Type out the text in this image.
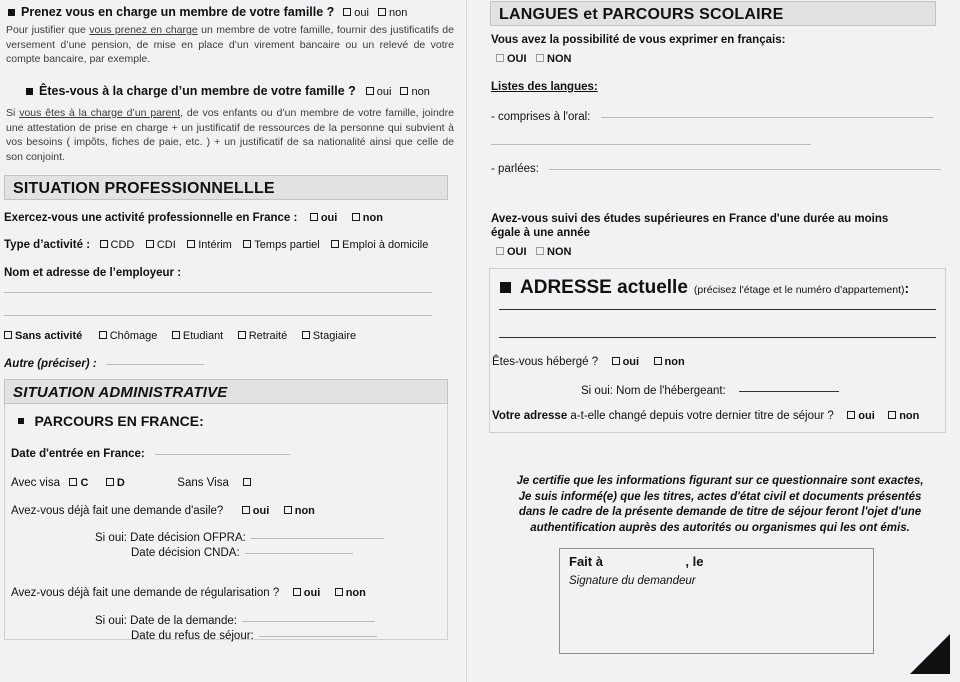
Prenez vous en charge un membre de votre famille ?	oui	non
Pour justifier que vous prenez en charge un membre de votre famille, fournir des justificatifs de versement d’une pension, de mise en place d’un virement bancaire ou un relevé de votre compte bancaire, par exemple.
Êtes-vous à la charge d’un membre de votre famille ?	oui	non
Si vous êtes à la charge d’un parent, de vos enfants ou d’un membre de votre famille, joindre une attestation de prise en charge + un justificatif de ressources de la personne qui subvient à vos besoins ( impôts, fiches de paie, etc. ) + un justificatif de sa nationalité ainsi que celle de son conjoint.
SITUATION PROFESSIONNELLLE
Exercez-vous une activité professionnelle en France : oui non
Type d’activité : CDD CDI Intérim Temps partiel Emploi à domicile
Nom et adresse de l’employeur :
Sans activité Chômage Etudiant Retraité Stagiaire
Autre (préciser) :
SITUATION ADMINISTRATIVE
PARCOURS EN FRANCE:
Date d'entrée en France:
Avec visa C	D	Sans Visa
Avez-vous déjà fait une demande d'asile?	oui non
Si oui: Date décision OFPRA:
Date décision CNDA:
Avez-vous déjà fait une demande de régularisation ? oui non
Si oui: Date de la demande:
Date du refus de séjour:
LANGUES et PARCOURS SCOLAIRE
Vous avez la possibilité de vous exprimer en français:
OUI NON
Listes des langues:
- comprises à l'oral:
- parlées:
Avez-vous suivi des études supérieures en France d'une durée au moins
égale à une année
OUI NON
ADRESSE actuelle (précisez l'étage et le numéro d'appartement) :
Êtes-vous hébergé ? oui non
Si oui: Nom de l'hébergeant:
Votre adresse a-t-elle changé depuis votre dernier titre de séjour ? oui non
Je certifie que les informations figurant sur ce questionnaire sont exactes,
Je suis informé(e) que les titres, actes d'état civil et documents présentés
dans le cadre de la présente demande de titre de séjour feront l'ojet d'une
authentification auprès des autorités ou organismes qui les ont émis.
Fait à	, le
Signature du demandeur
